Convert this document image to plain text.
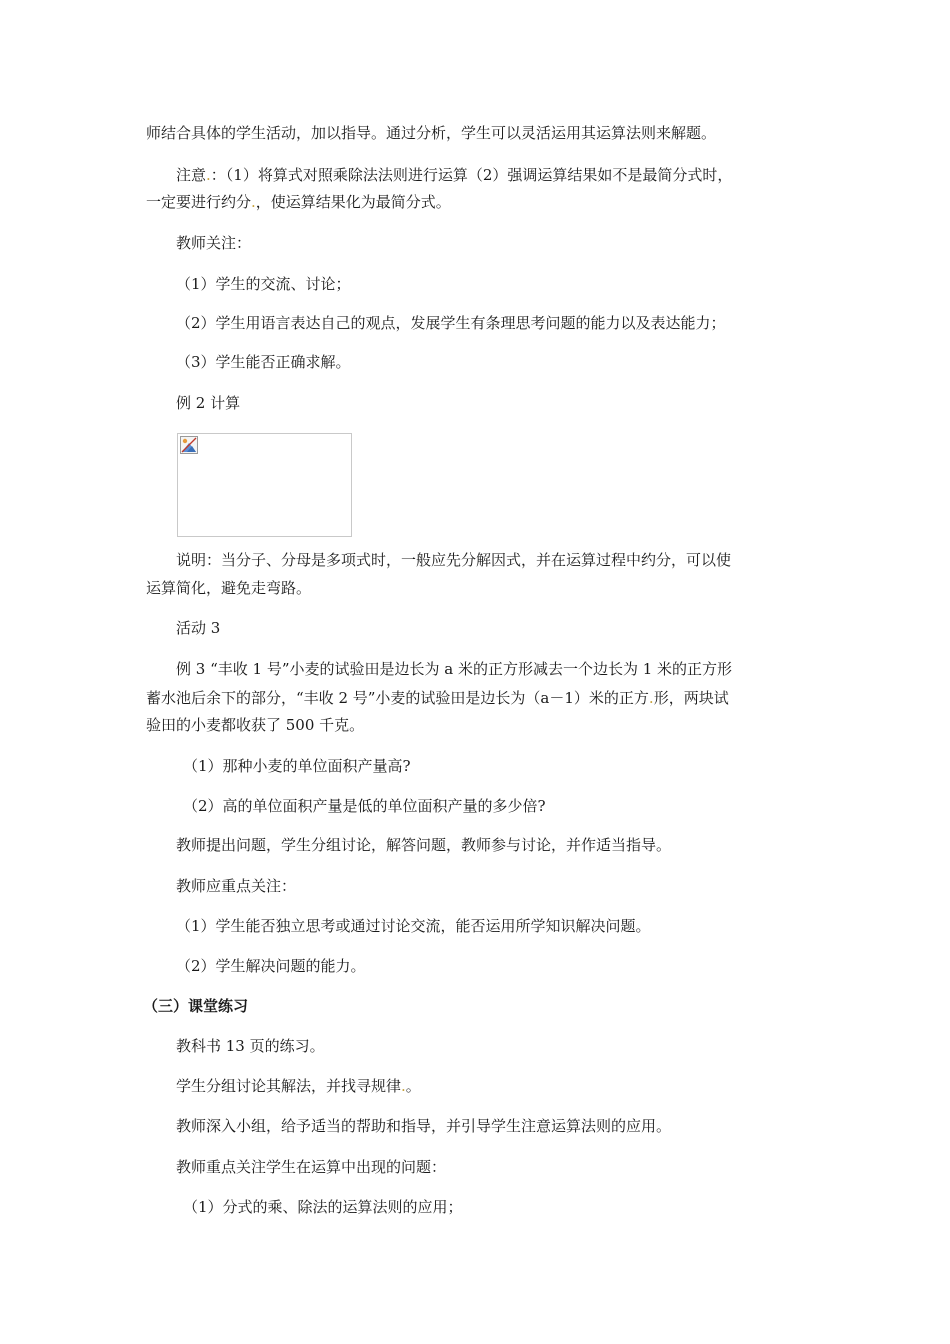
师结合具体的学生活动，加以指导。通过分析，学生可以灵活运用其运算法则来解题。

注意.：（1）将算式对照乘除法法则进行运算（2）强调运算结果如不是最简分式时，

一定要进行约分.，使运算结果化为最简分式。

教师关注：

（1）学生的交流、讨论；

（2）学生用语言表达自己的观点，发展学生有条理思考问题的能力以及表达能力；

（3）学生能否正确求解。

例 2 计算

说明：当分子、分母是多项式时，一般应先分解因式，并在运算过程中约分，可以使

运算简化，避免走弯路。

活动 3

例 3 “丰收 1 号”小麦的试验田是边长为 a 米的正方形减去一个边长为 1 米的正方形

蓄水池后余下的部分，“丰收 2 号”小麦的试验田是边长为（a－1）米的正方.形，两块试

验田的小麦都收获了 500 千克。

（1）那种小麦的单位面积产量高?

（2）高的单位面积产量是低的单位面积产量的多少倍?

教师提出问题，学生分组讨论，解答问题，教师参与讨论，并作适当指导。

教师应重点关注：

（1）学生能否独立思考或通过讨论交流，能否运用所学知识解决问题。

（2）学生解决问题的能力。

（三）课堂练习

教科书 13 页的练习。

学生分组讨论其解法，并找寻规律.。

教师深入小组，给予适当的帮助和指导，并引导学生注意运算法则的应用。

教师重点关注学生在运算中出现的问题：

（1）分式的乘、除法的运算法则的应用；
